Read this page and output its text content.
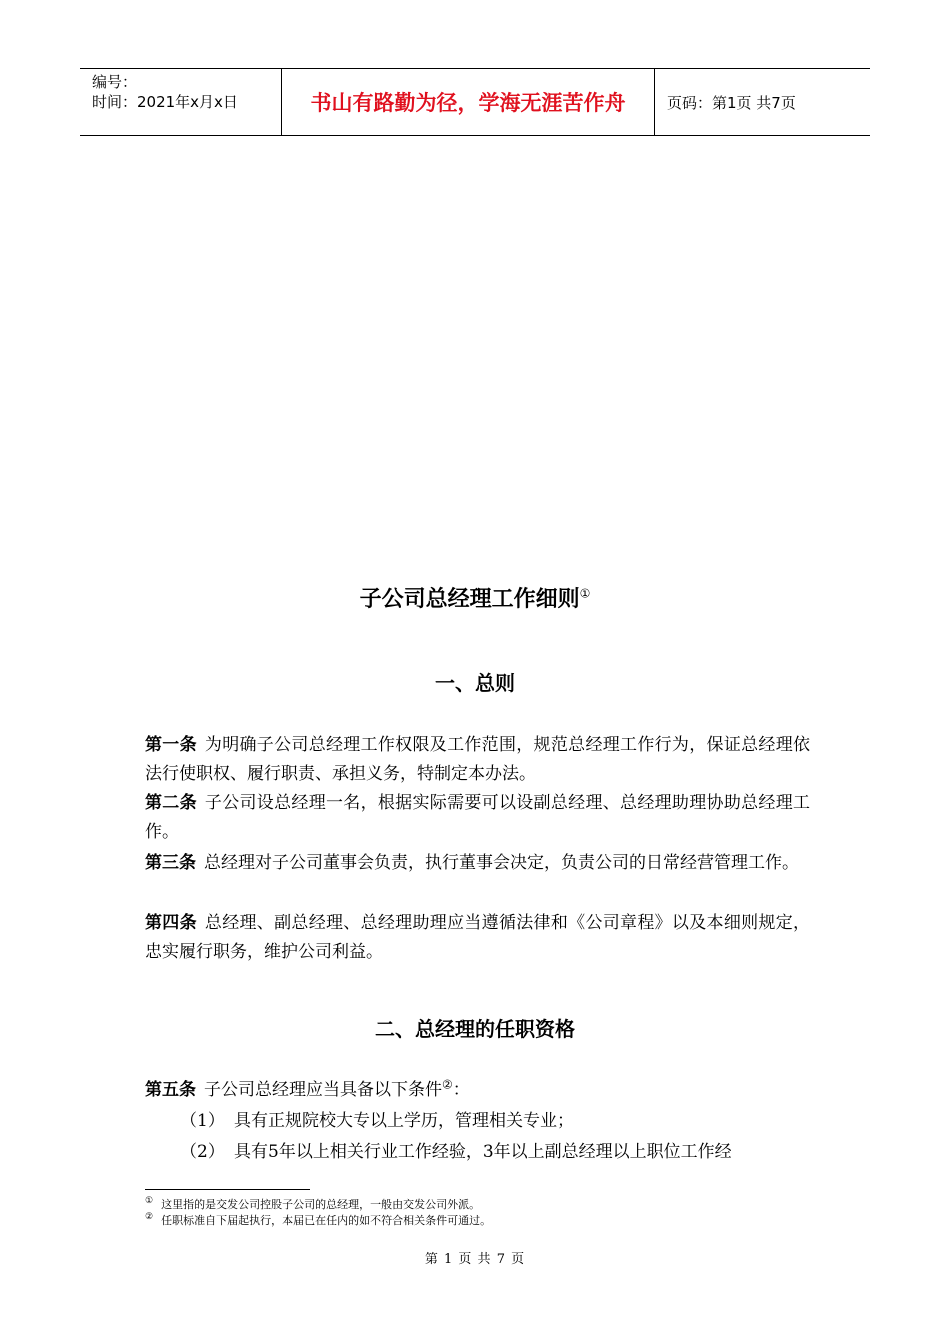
编号：
时间：2021年x月x日	书山有路勤为径，学海无涯苦作舟	页码：第1页 共7页
子公司总经理工作细则①
一、总则
第一条 为明确子公司总经理工作权限及工作范围，规范总经理工作行为，保证总经理依法行使职权、履行职责、承担义务，特制定本办法。
第二条 子公司设总经理一名，根据实际需要可以设副总经理、总经理助理协助总经理工作。
第三条 总经理对子公司董事会负责，执行董事会决定，负责公司的日常经营管理工作。
第四条 总经理、副总经理、总经理助理应当遵循法律和《公司章程》以及本细则规定，忠实履行职务，维护公司利益。
二、总经理的任职资格
第五条 子公司总经理应当具备以下条件②：
（1） 具有正规院校大专以上学历，管理相关专业；
（2） 具有5年以上相关行业工作经验，3年以上副总经理以上职位工作经
① 这里指的是交发公司控股子公司的总经理，一般由交发公司外派。
② 任职标准自下届起执行，本届已在任内的如不符合相关条件可通过。
第 1 页 共 7 页
